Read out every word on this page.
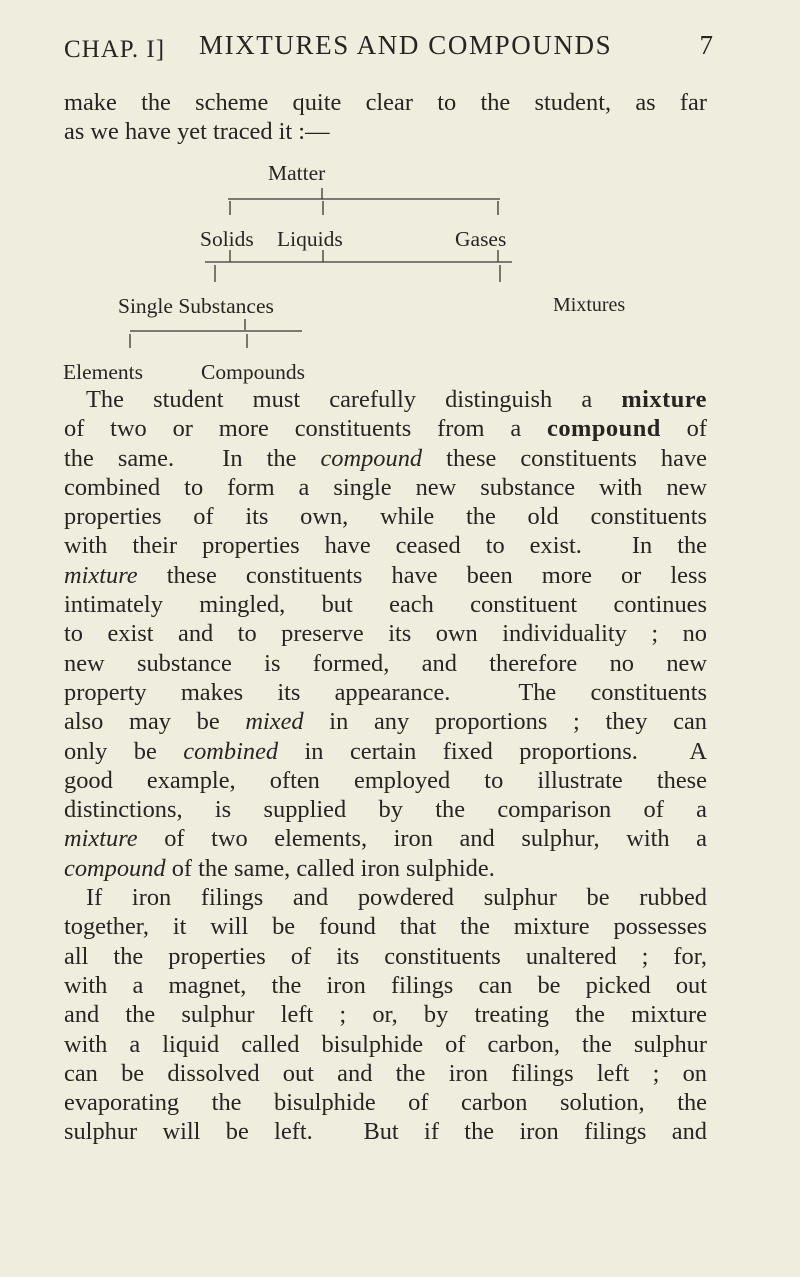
CHAP. I] MIXTURES AND COMPOUNDS	7
make the scheme quite clear to the student, as far
as we have yet traced it :—
Matter
Solids Liquids	Gases
Single Substances	Mixtures
Elements	Compounds
The student must carefully distinguish a mixture
of two or more constituents from a compound of
the same.  In the compound these constituents have
combined to form a single new substance with new
properties of its own, while the old constituents
with their properties have ceased to exist.  In the
mixture these constituents have been more or less
intimately mingled, but each constituent continues
to exist and to preserve its own individuality ; no
new substance is formed, and therefore no new
property makes its appearance.  The constituents
also may be mixed in any proportions ; they can
only be combined in certain fixed proportions.  A
good example, often employed to illustrate these
distinctions, is supplied by the comparison of a
mixture of two elements, iron and sulphur, with a
compound of the same, called iron sulphide.
If iron filings and powdered sulphur be rubbed
together, it will be found that the mixture possesses
all the properties of its constituents unaltered ; for,
with a magnet, the iron filings can be picked out
and the sulphur left ; or, by treating the mixture
with a liquid called bisulphide of carbon, the sulphur
can be dissolved out and the iron filings left ; on
evaporating the bisulphide of carbon solution, the
sulphur will be left.  But if the iron filings and
